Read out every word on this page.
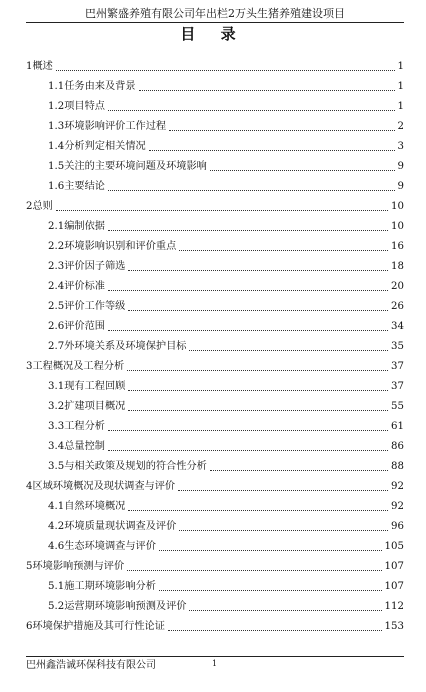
巴州繁盛养殖有限公司年出栏2万头生猪养殖建设项目
目 录
1概述	1
1.1任务由来及背景	1
1.2项目特点	1
1.3环境影响评价工作过程	2
1.4分析判定相关情况	3
1.5关注的主要环境问题及环境影响	9
1.6主要结论	9
2总则	10
2.1编制依据	10
2.2环境影响识别和评价重点	16
2.3评价因子筛选	18
2.4评价标准	20
2.5评价工作等级	26
2.6评价范围	34
2.7外环境关系及环境保护目标	35
3工程概况及工程分析	37
3.1现有工程回顾	37
3.2扩建项目概况	55
3.3工程分析	61
3.4总量控制	86
3.5与相关政策及规划的符合性分析	88
4区域环境概况及现状调查与评价	92
4.1自然环境概况	92
4.2环境质量现状调查及评价	96
4.6生态环境调查与评价	105
5环境影响预测与评价	107
5.1施工期环境影响分析	107
5.2运营期环境影响预测及评价	112
6环境保护措施及其可行性论证	153
巴州鑫浩诚环保科技有限公司	1
